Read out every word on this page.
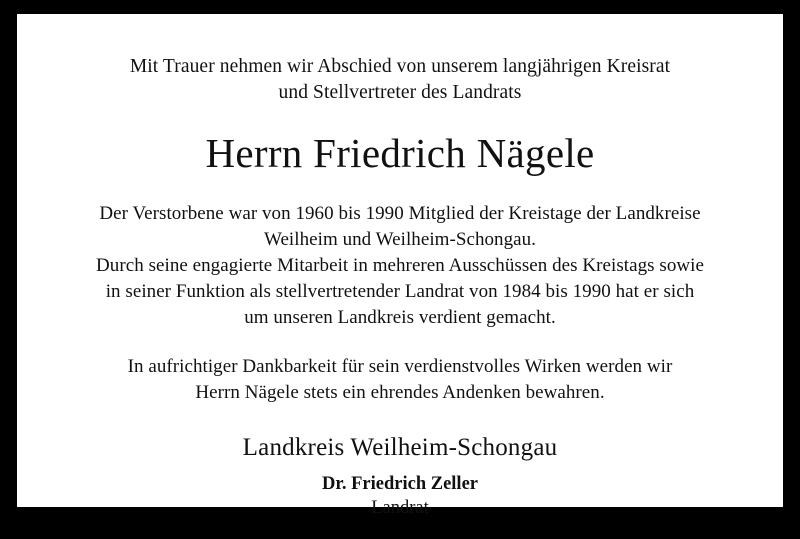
Mit Trauer nehmen wir Abschied von unserem langjährigen Kreisrat
und Stellvertreter des Landrats
Herrn Friedrich Nägele
Der Verstorbene war von 1960 bis 1990 Mitglied der Kreistage der Landkreise
Weilheim und Weilheim-Schongau.
Durch seine engagierte Mitarbeit in mehreren Ausschüssen des Kreistags sowie
in seiner Funktion als stellvertretender Landrat von 1984 bis 1990 hat er sich
um unseren Landkreis verdient gemacht.
In aufrichtiger Dankbarkeit für sein verdienstvolles Wirken werden wir
Herrn Nägele stets ein ehrendes Andenken bewahren.
Landkreis Weilheim-Schongau
Dr. Friedrich Zeller
Landrat
